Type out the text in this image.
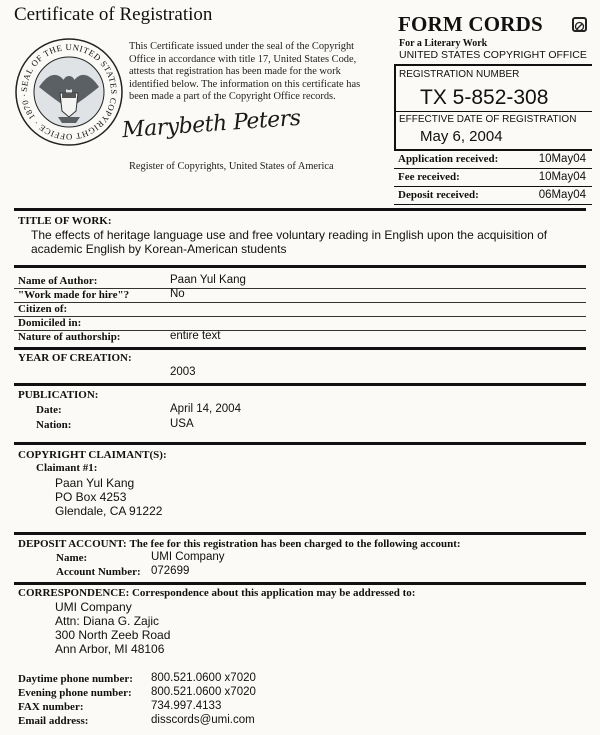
Certificate of Registration
SEAL OF THE UNITED STATES COPYRIGHT OFFICE · 1870 ·
This Certificate issued under the seal of the Copyright Office in accordance with title 17, United States Code, attests that registration has been made for the work identified below. The information on this certificate has been made a part of the Copyright Office records.
Marybeth Peters
Register of Copyrights, United States of America
FORM CORDS
For a Literary Work
UNITED STATES COPYRIGHT OFFICE
REGISTRATION NUMBER
TX 5-852-308
EFFECTIVE DATE OF REGISTRATION
May 6, 2004
Application received:	10May04
Fee received:	10May04
Deposit received:	06May04
TITLE OF WORK:
The effects of heritage language use and free voluntary reading in English upon the acquisition of academic English by Korean-American students
Name of Author:	Paan Yul Kang
"Work made for hire"?	No
Citizen of:
Domiciled in:
Nature of authorship:	entire text
YEAR OF CREATION:
2003
PUBLICATION:
Date:	April 14, 2004
Nation:	USA
COPYRIGHT CLAIMANT(S):
Claimant #1:
Paan Yul Kang
PO Box 4253
Glendale, CA 91222
DEPOSIT ACCOUNT: The fee for this registration has been charged to the following account:
Name:	UMI Company
Account Number: 072699
CORRESPONDENCE: Correspondence about this application may be addressed to:
UMI Company
Attn: Diana G. Zajic
300 North Zeeb Road
Ann Arbor, MI 48106
Daytime phone number: 800.521.0600 x7020
Evening phone number: 800.521.0600 x7020
FAX number:	734.997.4133
Email address:	disscords@umi.com
